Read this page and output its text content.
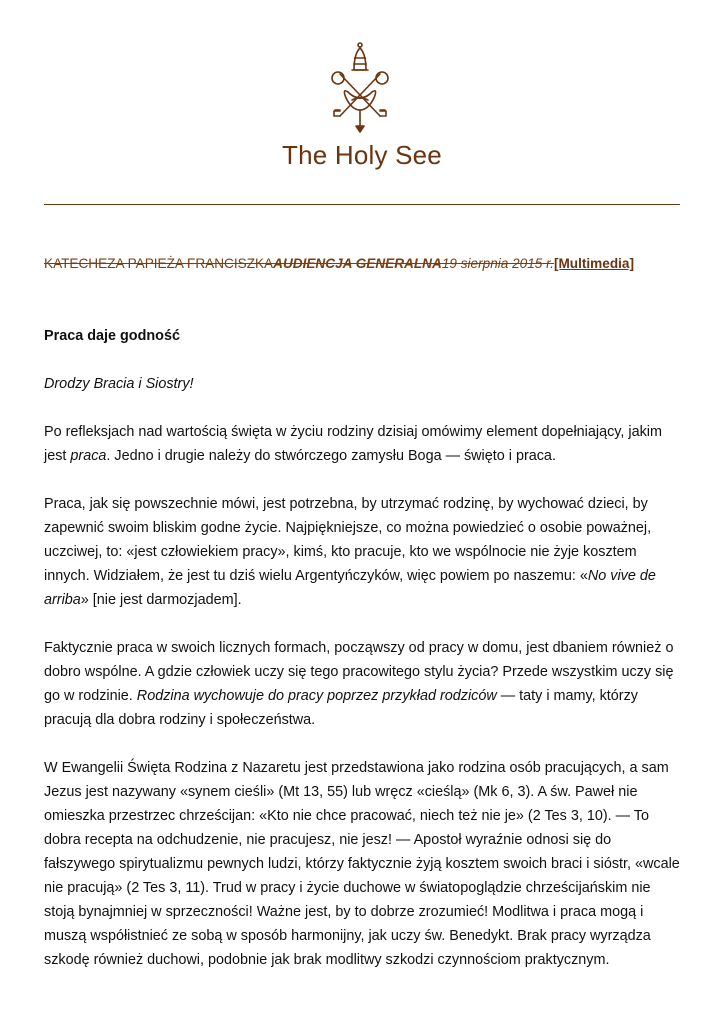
The Holy See
KATECHEZA PAPIEŻA FRANCISZKAAUDIENCJA GENERALNA19 sierpnia 2015 r.[Multimedia]
Praca daje godność
Drodzy Bracia i Siostry!

Po refleksjach nad wartością święta w życiu rodziny dzisiaj omówimy element dopełniający, jakim jest praca. Jedno i drugie należy do stwórczego zamysłu Boga — święto i praca.

Praca, jak się powszechnie mówi, jest potrzebna, by utrzymać rodzinę, by wychować dzieci, by zapewnić swoim bliskim godne życie. Najpiękniejsze, co można powiedzieć o osobie poważnej, uczciwej, to: «jest człowiekiem pracy», kimś, kto pracuje, kto we wspólnocie nie żyje kosztem innych. Widziałem, że jest tu dziś wielu Argentyńczyków, więc powiem po naszemu: «No vive de arriba» [nie jest darmozjadem].

Faktycznie praca w swoich licznych formach, począwszy od pracy w domu, jest dbaniem również o dobro wspólne. A gdzie człowiek uczy się tego pracowitego stylu życia? Przede wszystkim uczy się go w rodzinie. Rodzina wychowuje do pracy poprzez przykład rodziców — taty i mamy, którzy pracują dla dobra rodziny i społeczeństwa.

W Ewangelii Święta Rodzina z Nazaretu jest przedstawiona jako rodzina osób pracujących, a sam Jezus jest nazywany «synem cieśli» (Mt 13, 55) lub wręcz «cieślą» (Mk 6, 3). A św. Paweł nie omieszka przestrzec chrześcijan: «Kto nie chce pracować, niech też nie je» (2 Tes 3, 10). — To dobra recepta na odchudzenie, nie pracujesz, nie jesz! — Apostoł wyraźnie odnosi się do fałszywego spirytualizmu pewnych ludzi, którzy faktycznie żyją kosztem swoich braci i sióstr, «wcale nie pracują» (2 Tes 3, 11). Trud w pracy i życie duchowe w światopoglądzie chrześcijańskim nie stoją bynajmniej w sprzeczności! Ważne jest, by to dobrze zrozumieć! Modlitwa i praca mogą i muszą współistnieć ze sobą w sposób harmonijny, jak uczy św. Benedykt. Brak pracy wyrządza szkodę również duchowi, podobnie jak brak modlitwy szkodzi czynnościom praktycznym.
